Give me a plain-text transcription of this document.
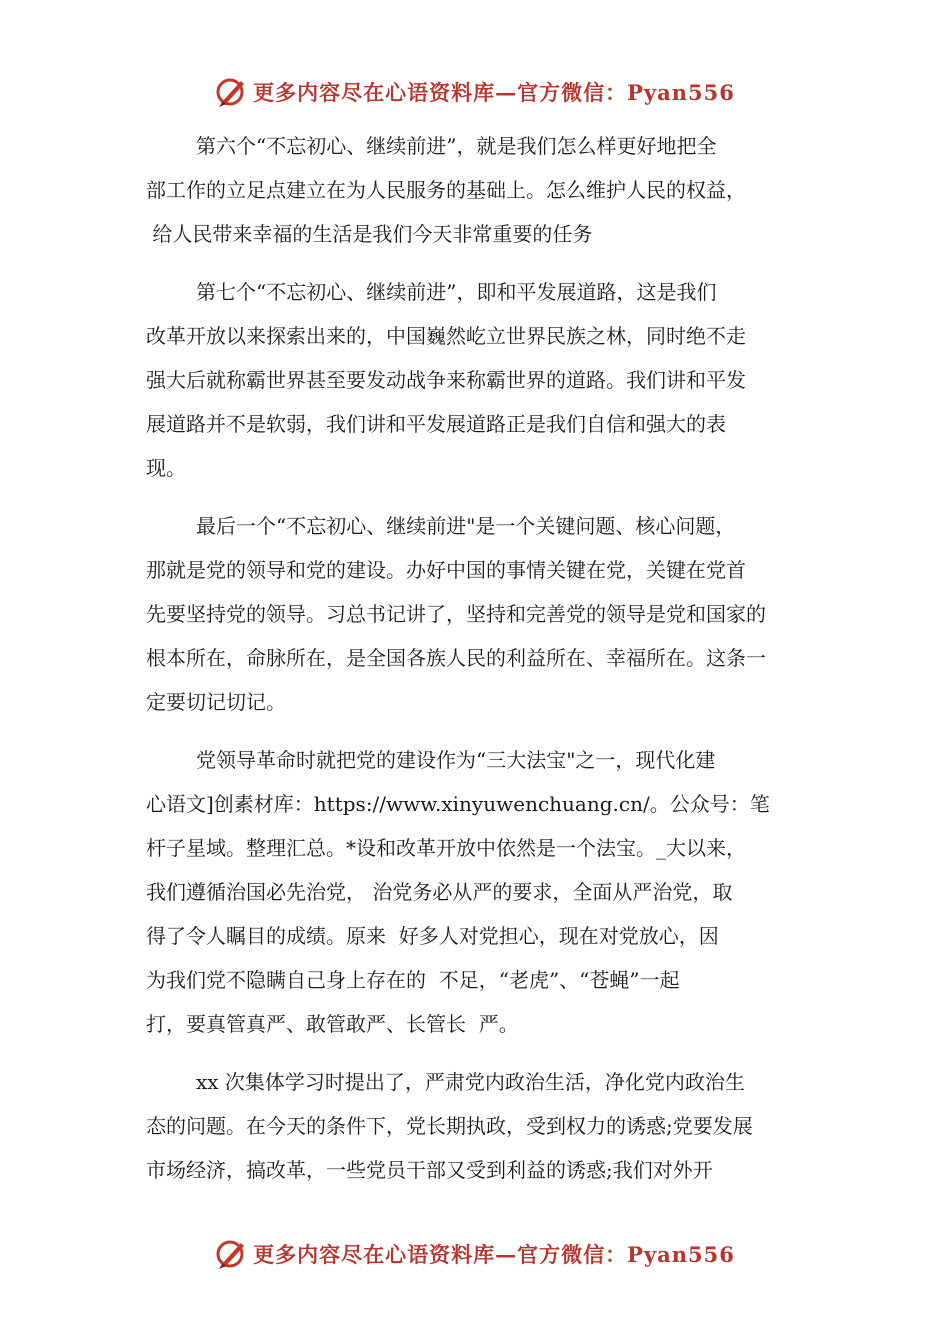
更多内容尽在心语资料库—官方微信： Pyan556
第六个“不忘初心、继续前进”，就是我们怎么样更好地把全
部工作的立足点建立在为人民服务的基础上。怎么维护人民的权益，
给人民带来幸福的生活是我们今天非常重要的任务
第七个“不忘初心、继续前进”，即和平发展道路，这是我们
改革开放以来探索出来的，中国巍然屹立世界民族之林，同时绝不走
强大后就称霸世界甚至要发动战争来称霸世界的道路。我们讲和平发
展道路并不是软弱，我们讲和平发展道路正是我们自信和强大的表
现。
最后一个“不忘初心、继续前进"是一个关键问题、核心问题，
那就是党的领导和党的建设。办好中国的事情关键在党，关键在党首
先要坚持党的领导。习总书记讲了，坚持和完善党的领导是党和国家的
根本所在，命脉所在，是全国各族人民的利益所在、幸福所在。这条一
定要切记切记。
党领导革命时就把党的建设作为“三大法宝"之一，现代化建
心语文]创素材库：https://www.xinyuwenchuang.cn/。公众号：笔
杆子星域。整理汇总。*设和改革开放中依然是一个法宝。_大以来，
我们遵循治国必先治党， 治党务必从严的要求，全面从严治党，取
得了令人瞩目的成绩。原来  好多人对党担心，现在对党放心，因
为我们党不隐瞒自己身上存在的  不足，“老虎”、“苍蝇”一起
打，要真管真严、敢管敢严、长管长  严。
xx 次集体学习时提出了，严肃党内政治生活，净化党内政治生
态的问题。在今天的条件下，党长期执政，受到权力的诱惑;党要发展
市场经济，搞改革，一些党员干部又受到利益的诱惑;我们对外开
更多内容尽在心语资料库—官方微信： Pyan556
